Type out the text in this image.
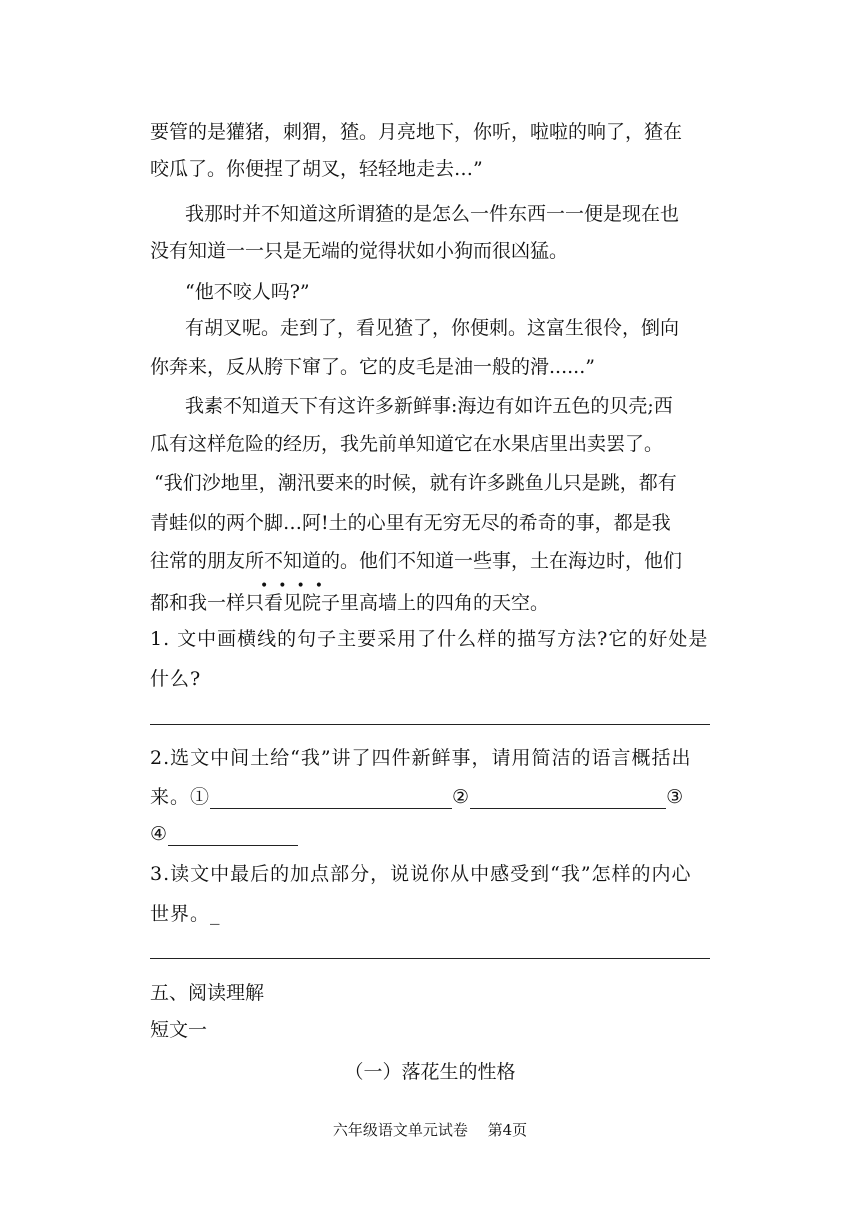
要管的是獾猪，刺猬，猹。月亮地下，你听，啦啦的响了，猹在
咬瓜了。你便捏了胡叉，轻轻地走去…”
我那时并不知道这所谓猹的是怎么一件东西一一便是现在也
没有知道一一只是无端的觉得状如小狗而很凶猛。
“他不咬人吗?”
有胡叉呢。走到了，看见猹了，你便刺。这富生很伶，倒向
你奔来，反从胯下窜了。它的皮毛是油一般的滑......”
我素不知道天下有这许多新鲜事:海边有如许五色的贝壳;西
瓜有这样危险的经历，我先前单知道它在水果店里出卖罢了。
“我们沙地里，潮汛要来的时候，就有许多跳鱼儿只是跳，都有
青蛙似的两个脚…阿!土的心里有无穷无尽的希奇的事，都是我
往常的朋友所不知道的。他们不知道一些事，土在海边时，他们
••••
都和我一样只看见院子里高墙上的四角的天空。
1. 文中画横线的句子主要采用了什么样的描写方法?它的好处是
什么?
2.选文中间土给“我”讲了四件新鲜事，请用简洁的语言概括出
来。①	②	③
④
3.读文中最后的加点部分，说说你从中感受到“我”怎样的内心
世界。_
五、阅读理解
短文一
（一）落花生的性格
六年级语文单元试卷　 第4页
